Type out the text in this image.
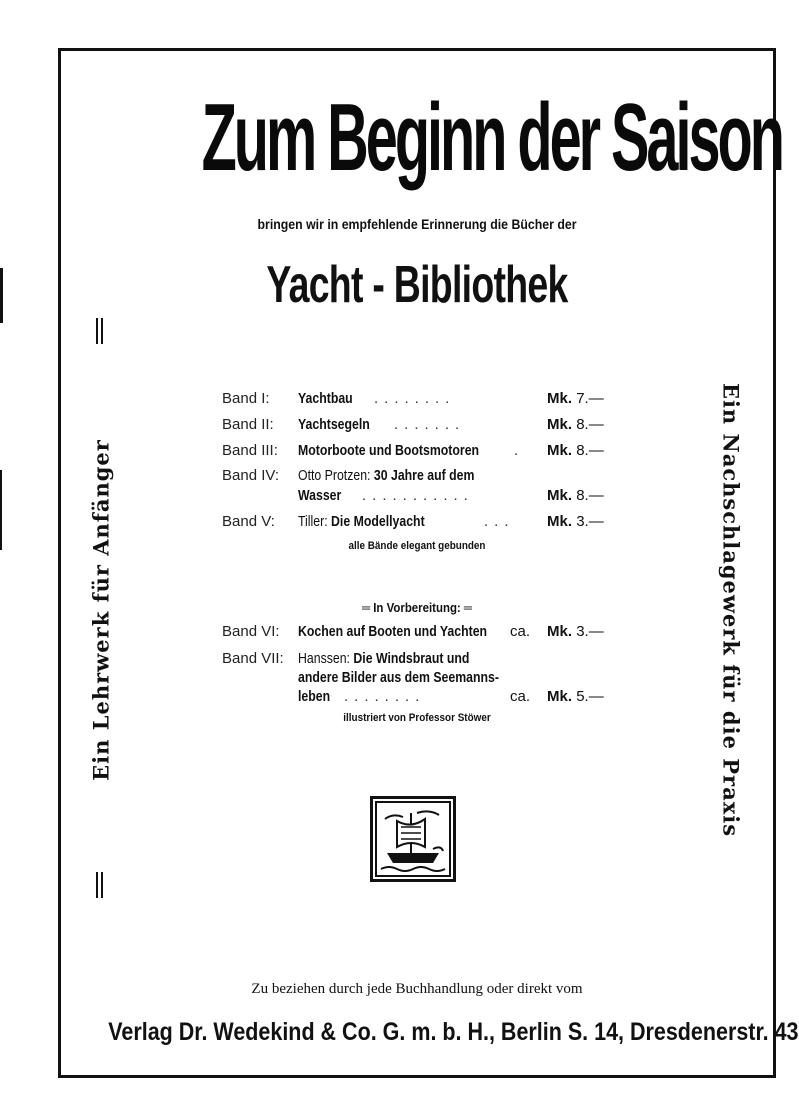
Zum Beginn der Saison
bringen wir in empfehlende Erinnerung die Bücher der
Yacht - Bibliothek
Ein Lehrwerk für Anfänger	Ein Nachschlagewerk für die Praxis
Band I: Yachtbau ........	Mk. 7.—
Band II: Yachtsegeln .......	Mk. 8.—
Band III: Motorboote und Bootsmotoren . Mk. 8.—
Band IV: Otto Protzen: 30 Jahre auf dem
Wasser ...........	Mk. 8.—
Band V: Tiller: Die Modellyacht	... Mk. 3.—
alle Bände elegant gebunden
═ In Vorbereitung: ═
Band VI: Kochen auf Booten und Yachten ca. Mk. 3.—
Band VII: Hanssen: Die Windsbraut und
andere Bilder aus dem Seemanns-
leben ........	ca. Mk. 5.—
illustriert von Professor Stöwer
Zu beziehen durch jede Buchhandlung oder direkt vom
Verlag Dr. Wedekind & Co. G. m. b. H., Berlin S. 14, Dresdenerstr. 43
